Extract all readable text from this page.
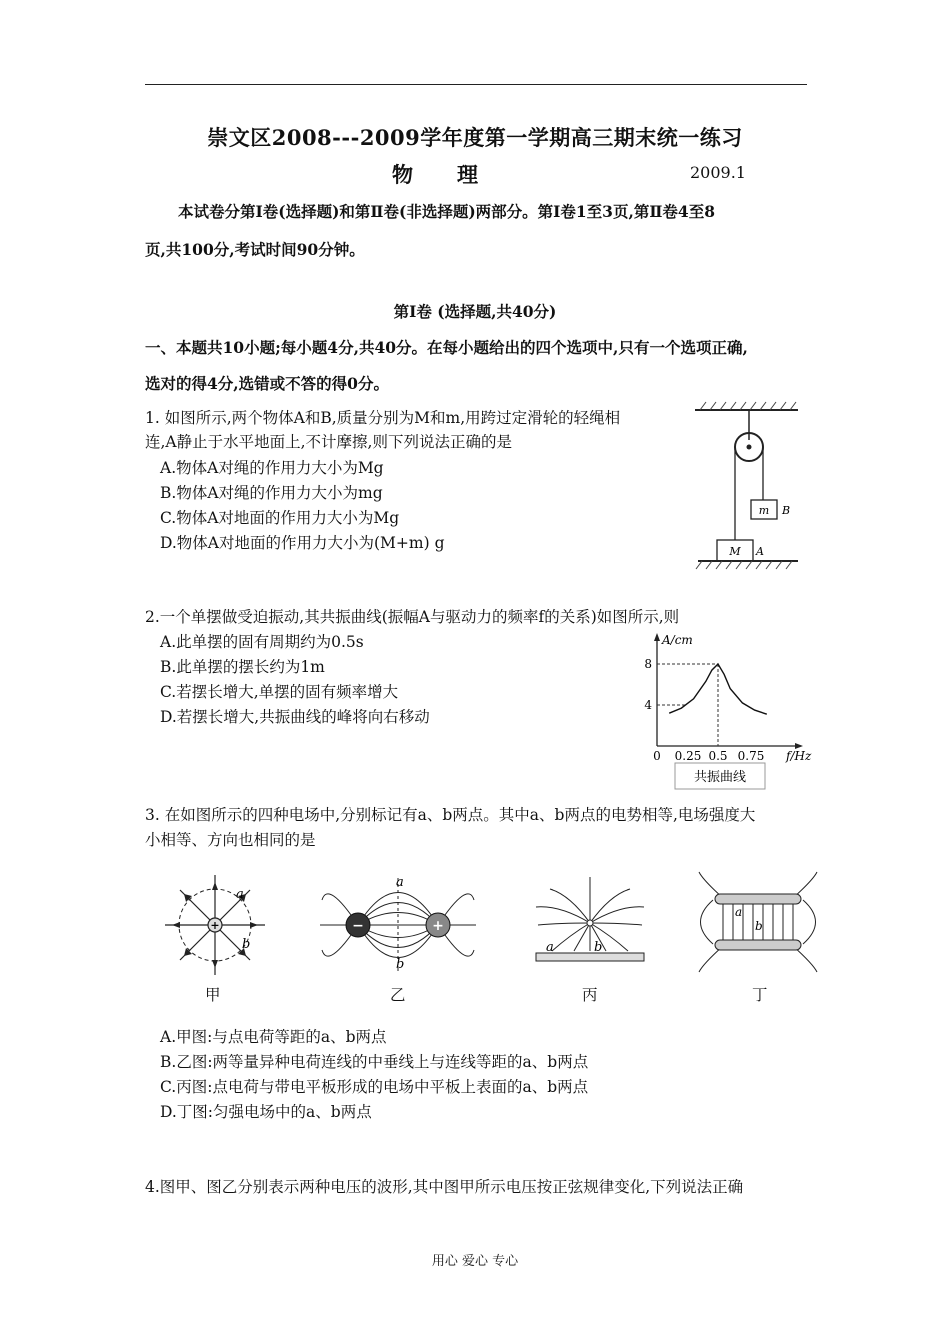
崇文区2008---2009学年度第一学期高三期末统一练习
物理	2009.1
本试卷分第Ⅰ卷(选择题)和第Ⅱ卷(非选择题)两部分。第Ⅰ卷1至3页,第Ⅱ卷4至8
页,共100分,考试时间90分钟。
第Ⅰ卷 (选择题,共40分)
一、本题共10小题;每小题4分,共40分。在每小题给出的四个选项中,只有一个选项正确,
选对的得4分,选错或不答的得0分。
1. 如图所示,两个物体A和B,质量分别为M和m,用跨过定滑轮的轻绳相
连,A静止于水平地面上,不计摩擦,则下列说法正确的是
A.物体A对绳的作用力大小为Mg
B.物体A对绳的作用力大小为mg
C.物体A对地面的作用力大小为Mg
D.物体A对地面的作用力大小为(M+m) g
m B
M A
2.一个单摆做受迫振动,其共振曲线(振幅A与驱动力的频率f的关系)如图所示,则
A.此单摆的固有周期约为0.5s
B.此单摆的摆长约为1m
C.若摆长增大,单摆的固有频率增大
D.若摆长增大,共振曲线的峰将向右移动
A/cm
f/Hz
0 0.25 0.5 0.75
4
8
共振曲线
3. 在如图所示的四种电场中,分别标记有a、b两点。其中a、b两点的电势相等,电场强度大
小相等、方向也相同的是
+
a
b
甲
−	+
a
b
乙
a	b
丙
a
b
丁
A.甲图:与点电荷等距的a、b两点
B.乙图:两等量异种电荷连线的中垂线上与连线等距的a、b两点
C.丙图:点电荷与带电平板形成的电场中平板上表面的a、b两点
D.丁图:匀强电场中的a、b两点
4.图甲、图乙分别表示两种电压的波形,其中图甲所示电压按正弦规律变化,下列说法正确
用心 爱心 专心
